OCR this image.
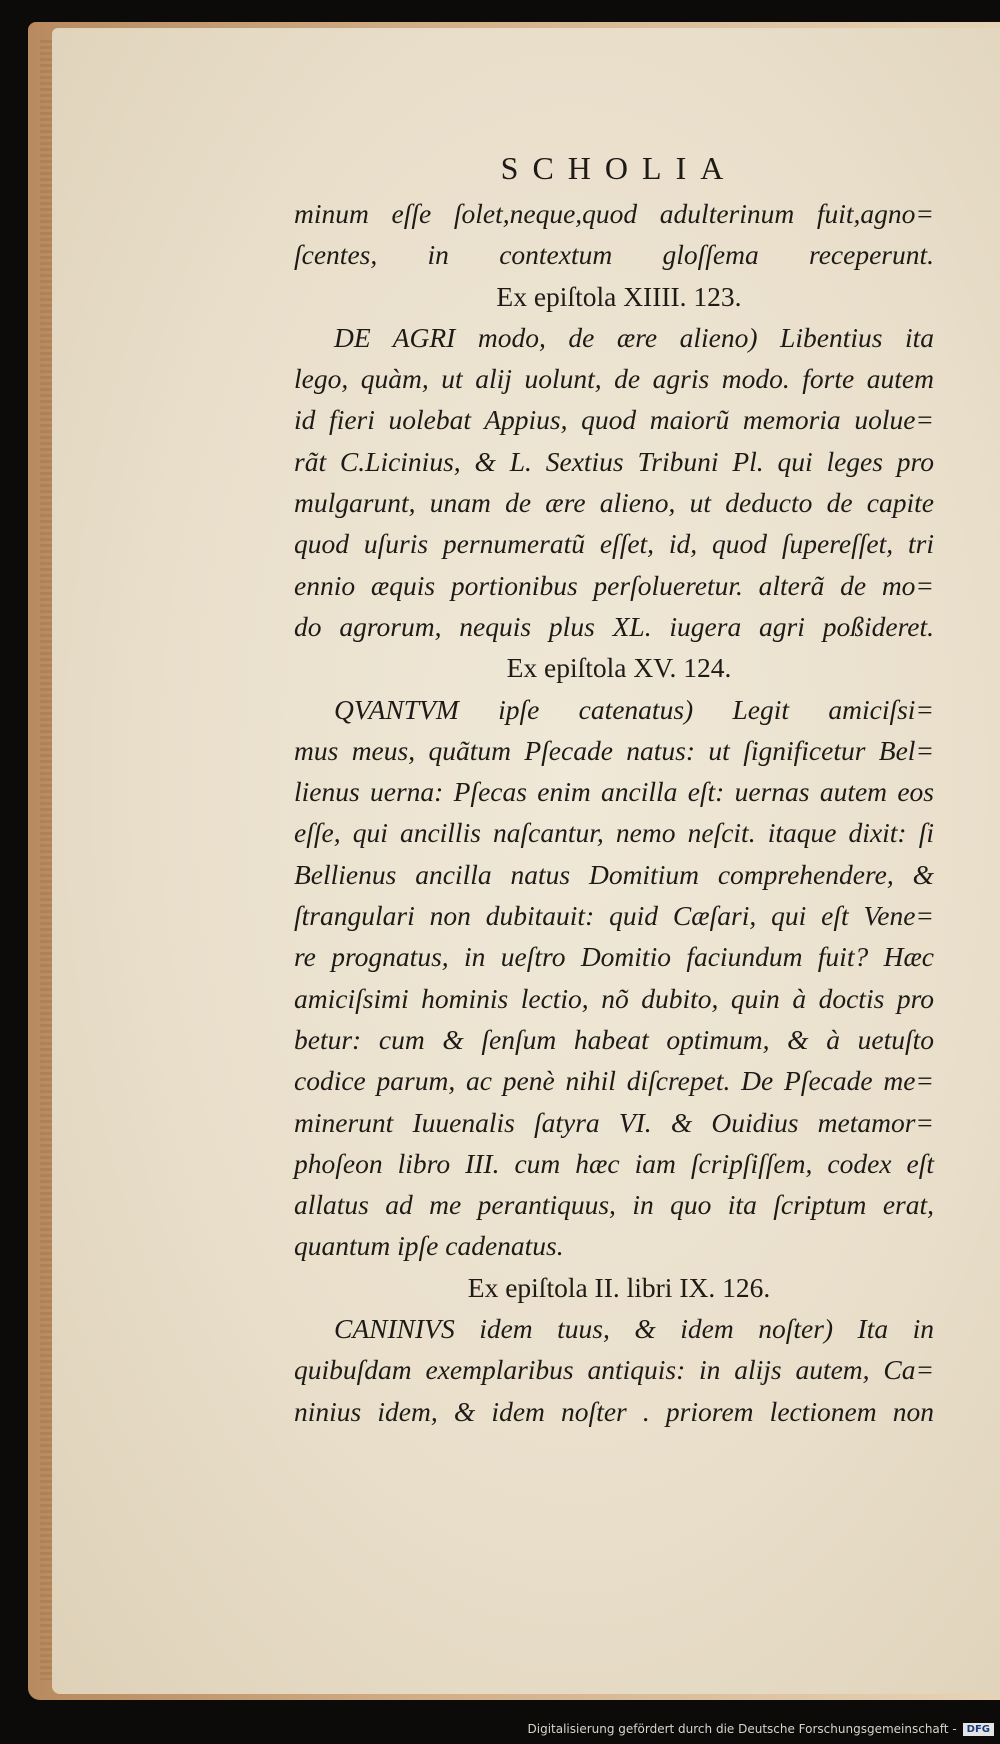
SCHOLIA
minum eſſe ſolet,neque,quod adulterinum fuit,agno=
ſcentes, in contextum gloſſema receperunt.
Ex epiſtola XIIII. 123.
DE AGRI modo, de ære alieno) Libentius ita
lego, quàm, ut alij uolunt, de agris modo. forte autem
id fieri uolebat Appius, quod maiorũ memoria uolue=
rãt C.Licinius, & L. Sextius Tribuni Pl. qui leges pro
mulgarunt, unam de ære alieno, ut deducto de capite
quod uſuris pernumeratũ eſſet, id, quod ſupereſſet, tri
ennio æquis portionibus perſolueretur. alterã de mo=
do agrorum, nequis plus XL. iugera agri poßideret.
Ex epiſtola XV. 124.
QVANTVM ipſe catenatus) Legit amiciſsi=
mus meus, quãtum Pſecade natus: ut ſignificetur Bel=
lienus uerna: Pſecas enim ancilla eſt: uernas autem eos
eſſe, qui ancillis naſcantur, nemo neſcit. itaque dixit: ſi
Bellienus ancilla natus Domitium comprehendere, &
ſtrangulari non dubitauit: quid Cæſari, qui eſt Vene=
re prognatus, in ueſtro Domitio faciundum fuit? Hæc
amiciſsimi hominis lectio, nõ dubito, quin à doctis pro
betur: cum & ſenſum habeat optimum, & à uetuſto
codice parum, ac penè nihil diſcrepet. De Pſecade me=
minerunt Iuuenalis ſatyra VI. & Ouidius metamor=
phoſeon libro III. cum hæc iam ſcripſiſſem, codex eſt
allatus ad me perantiquus, in quo ita ſcriptum erat,
quantum ipſe cadenatus.
Ex epiſtola II. libri IX. 126.
CANINIVS idem tuus, & idem noſter) Ita in
quibuſdam exemplaribus antiquis: in alijs autem, Ca=
ninius idem, & idem noſter . priorem lectionem non
Digitalisierung gefördert durch die Deutsche Forschungsgemeinschaft -	DFG
